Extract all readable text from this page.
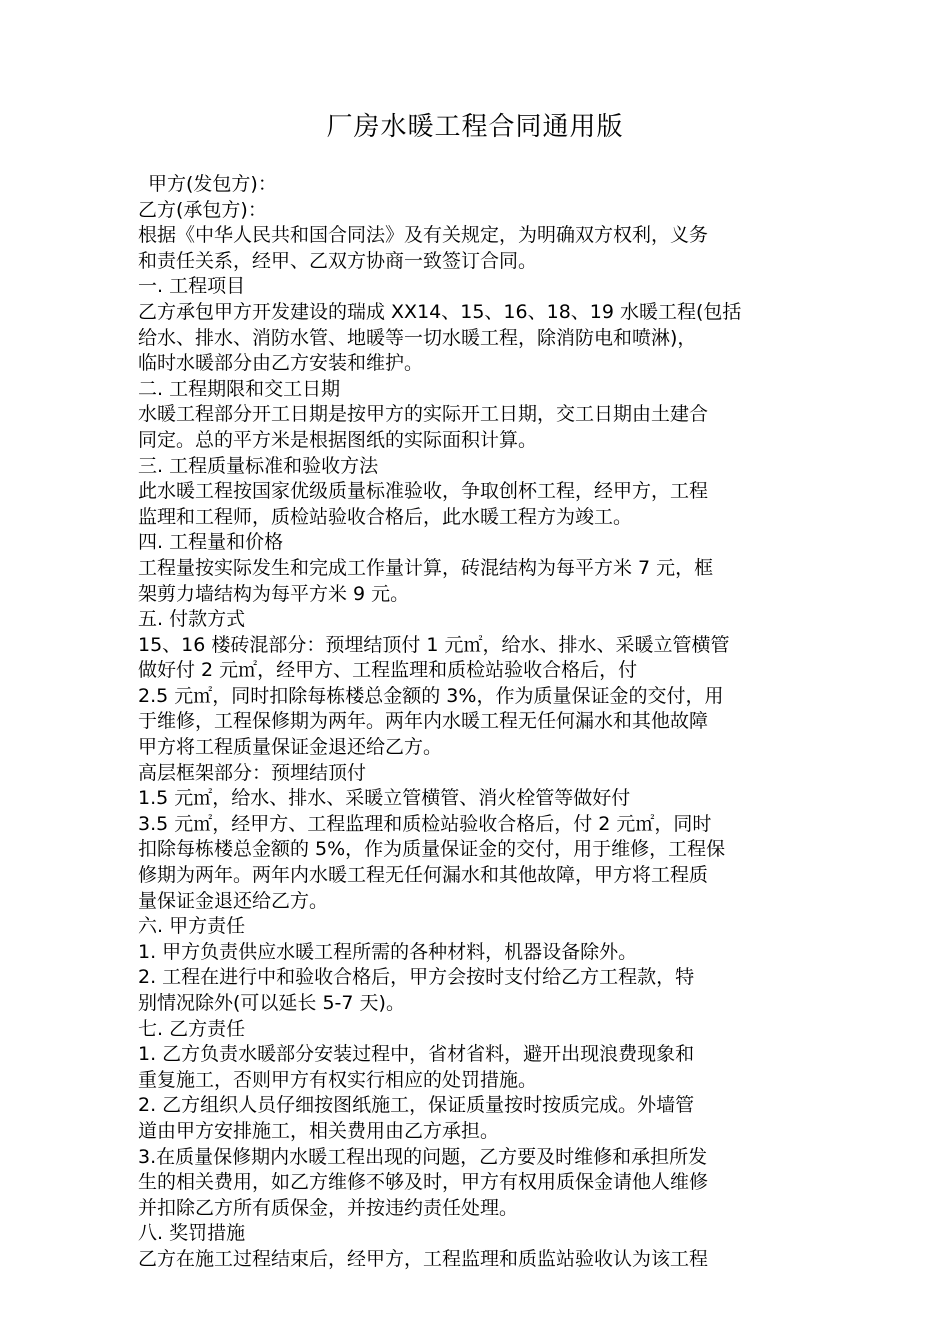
厂房水暖工程合同通用版
甲方(发包方)：
乙方(承包方)：
根据《中华人民共和国合同法》及有关规定，为明确双方权利，义务
和责任关系，经甲、乙双方协商一致签订合同。
一. 工程项目
乙方承包甲方开发建设的瑞成 XX14、15、16、18、19 水暖工程(包括
给水、排水、消防水管、地暖等一切水暖工程，除消防电和喷淋)，
临时水暖部分由乙方安装和维护。
二. 工程期限和交工日期
水暖工程部分开工日期是按甲方的实际开工日期，交工日期由土建合
同定。总的平方米是根据图纸的实际面积计算。
三. 工程质量标准和验收方法
此水暖工程按国家优级质量标准验收，争取创杯工程，经甲方，工程
监理和工程师，质检站验收合格后，此水暖工程方为竣工。
四. 工程量和价格
工程量按实际发生和完成工作量计算，砖混结构为每平方米 7 元，框
架剪力墙结构为每平方米 9 元。
五. 付款方式
15、16 楼砖混部分：预埋结顶付 1 元㎡，给水、排水、采暖立管横管
做好付 2 元㎡，经甲方、工程监理和质检站验收合格后，付
2.5 元㎡，同时扣除每栋楼总金额的 3%，作为质量保证金的交付，用
于维修，工程保修期为两年。两年内水暖工程无任何漏水和其他故障
甲方将工程质量保证金退还给乙方。
高层框架部分：预埋结顶付
1.5 元㎡，给水、排水、采暖立管横管、消火栓管等做好付
3.5 元㎡，经甲方、工程监理和质检站验收合格后，付 2 元㎡，同时
扣除每栋楼总金额的 5%，作为质量保证金的交付，用于维修，工程保
修期为两年。两年内水暖工程无任何漏水和其他故障，甲方将工程质
量保证金退还给乙方。
六. 甲方责任
1. 甲方负责供应水暖工程所需的各种材料，机器设备除外。
2. 工程在进行中和验收合格后，甲方会按时支付给乙方工程款，特
别情况除外(可以延长 5-7 天)。
七. 乙方责任
1. 乙方负责水暖部分安装过程中，省材省料，避开出现浪费现象和
重复施工，否则甲方有权实行相应的处罚措施。
2. 乙方组织人员仔细按图纸施工，保证质量按时按质完成。外墙管
道由甲方安排施工，相关费用由乙方承担。
3.在质量保修期内水暖工程出现的问题，乙方要及时维修和承担所发
生的相关费用，如乙方维修不够及时，甲方有权用质保金请他人维修
并扣除乙方所有质保金，并按违约责任处理。
八. 奖罚措施
乙方在施工过程结束后，经甲方，工程监理和质监站验收认为该工程
